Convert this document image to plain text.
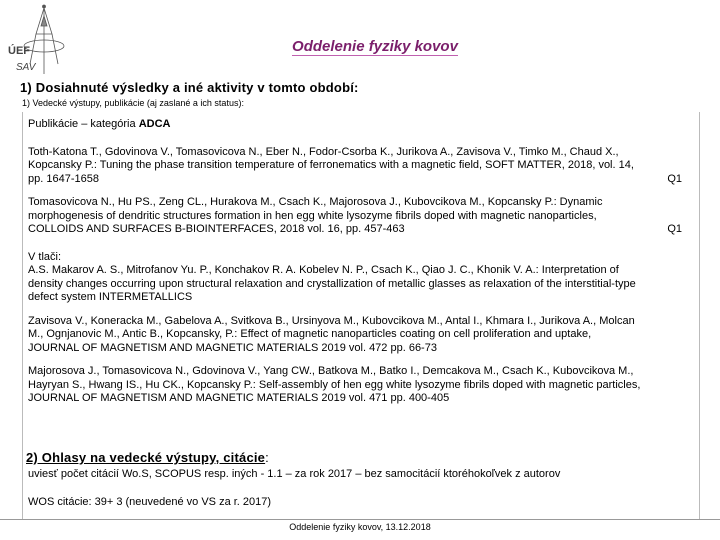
ÚEF
SAV
Oddelenie fyziky kovov
1) Dosiahnuté výsledky a iné aktivity v tomto období:
1) Vedecké výstupy, publikácie (aj zaslané a ich status):
Publikácie – kategória ADCA
Toth-Katona T., Gdovinova V., Tomasovicova N., Eber N., Fodor-Csorba K., Jurikova A., Zavisova V., Timko M., Chaud X.,
Kopcansky P.: Tuning the phase transition temperature of ferronematics with a magnetic field, SOFT MATTER, 2018, vol. 14,
Q1
pp. 1647-1658
Tomasovicova N., Hu PS., Zeng CL., Hurakova M., Csach K., Majorosova J., Kubovcikova M., Kopcansky P.: Dynamic
morphogenesis of dendritic structures formation in hen egg white lysozyme fibrils doped with magnetic nanoparticles,
Q1
COLLOIDS AND SURFACES B-BIOINTERFACES, 2018 vol. 16, pp. 457-463
V tlači:
A.S. Makarov A. S., Mitrofanov Yu. P., Konchakov R. A. Kobelev N. P., Csach K., Qiao J. C., Khonik V. A.: Interpretation of
density changes occurring upon structural relaxation and crystallization of metallic glasses as relaxation of the interstitial-type
defect system INTERMETALLICS
Zavisova V., Koneracka M., Gabelova A., Svitkova B., Ursinyova M., Kubovcikova M., Antal I., Khmara I., Jurikova A., Molcan
M., Ognjanovic M., Antic B., Kopcansky, P.: Effect of magnetic nanoparticles coating on cell proliferation and uptake,
JOURNAL OF MAGNETISM AND MAGNETIC MATERIALS 2019 vol. 472 pp. 66-73
Majorosova J., Tomasovicova N., Gdovinova V., Yang CW., Batkova M., Batko I., Demcakova M., Csach K., Kubovcikova M.,
Hayryan S., Hwang IS., Hu CK., Kopcansky P.: Self-assembly of hen egg white lysozyme fibrils doped with magnetic particles,
JOURNAL OF MAGNETISM AND MAGNETIC MATERIALS 2019 vol. 471 pp. 400-405
2) Ohlasy na vedecké výstupy, citácie:
uviesť počet citácií Wo.S, SCOPUS resp. iných - 1.1 – za rok 2017 – bez samocitácií ktoréhokoľvek z autorov
WOS citácie: 39+ 3 (neuvedené vo VS za r. 2017)
Oddelenie fyziky kovov, 13.12.2018
